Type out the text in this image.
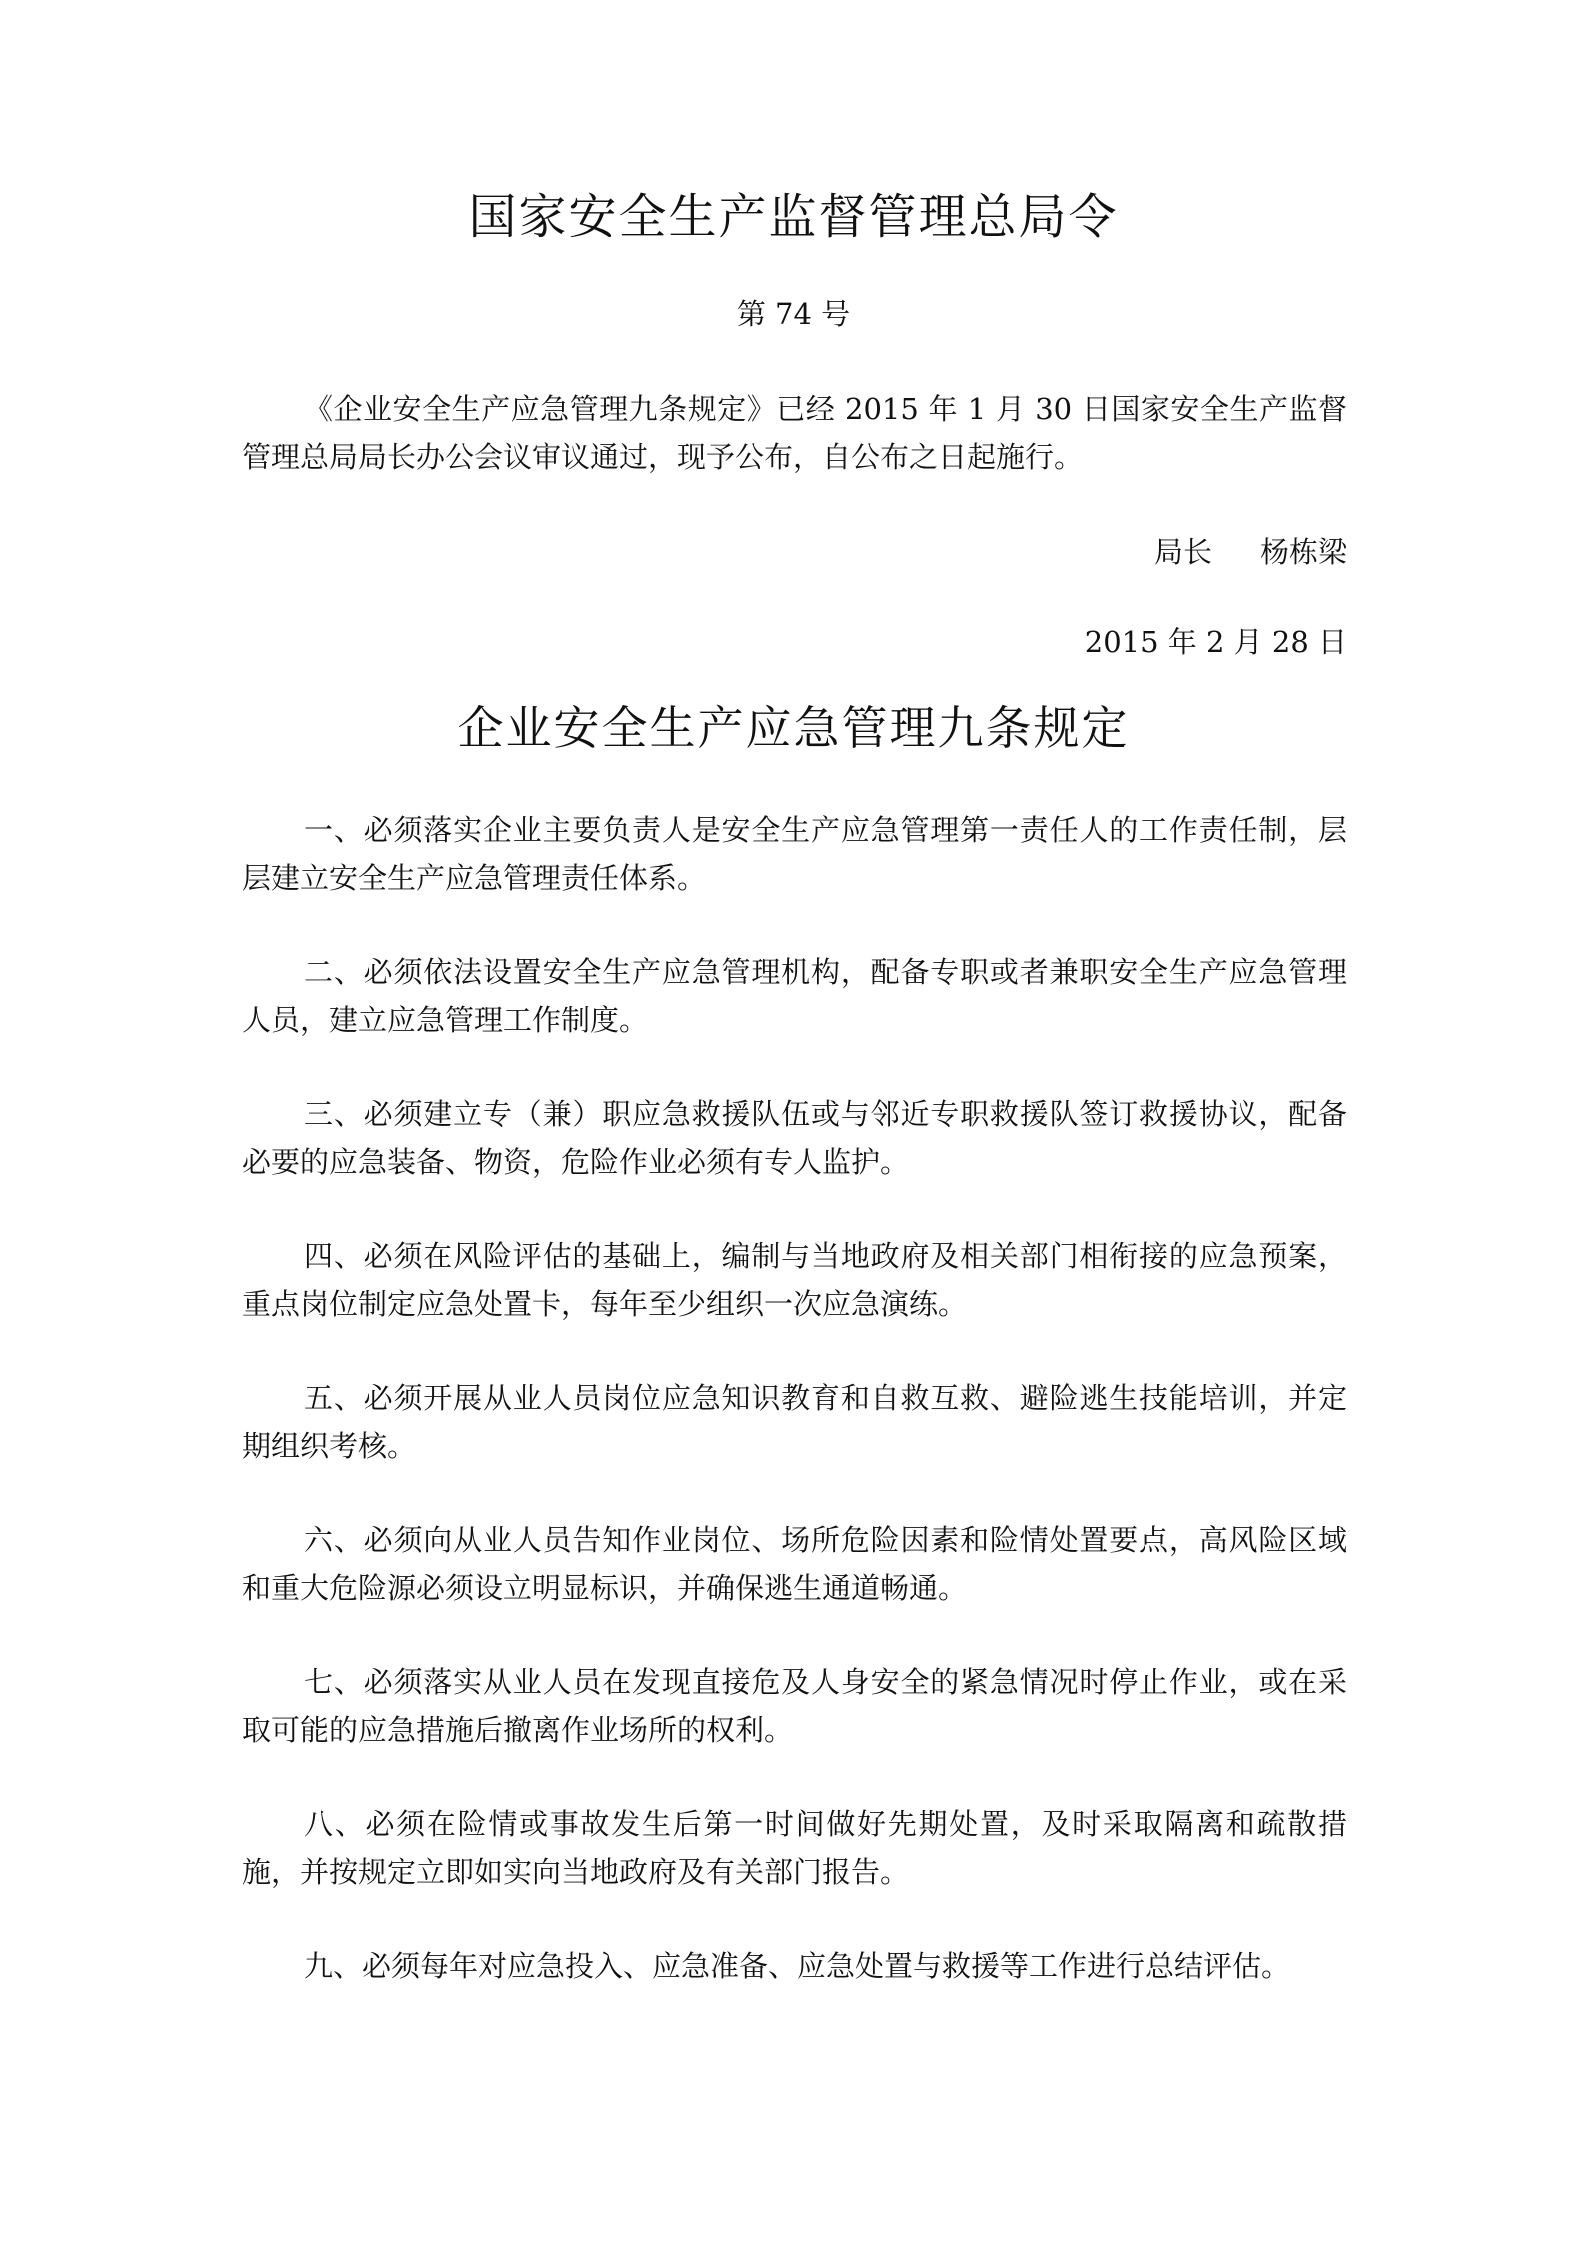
国家安全生产监督管理总局令
第 74 号

《企业安全生产应急管理九条规定》已经 2015 年 1 月 30 日国家安全生产监督管理总局局长办公会议审议通过，现予公布，自公布之日起施行。

局长 杨栋梁
2015 年 2 月 28 日
企业安全生产应急管理九条规定

一、必须落实企业主要负责人是安全生产应急管理第一责任人的工作责任制，层层建立安全生产应急管理责任体系。

二、必须依法设置安全生产应急管理机构，配备专职或者兼职安全生产应急管理人员，建立应急管理工作制度。

三、必须建立专（兼）职应急救援队伍或与邻近专职救援队签订救援协议，配备必要的应急装备、物资，危险作业必须有专人监护。

四、必须在风险评估的基础上，编制与当地政府及相关部门相衔接的应急预案，重点岗位制定应急处置卡，每年至少组织一次应急演练。

五、必须开展从业人员岗位应急知识教育和自救互救、避险逃生技能培训，并定期组织考核。

六、必须向从业人员告知作业岗位、场所危险因素和险情处置要点，高风险区域和重大危险源必须设立明显标识，并确保逃生通道畅通。

七、必须落实从业人员在发现直接危及人身安全的紧急情况时停止作业，或在采取可能的应急措施后撤离作业场所的权利。

八、必须在险情或事故发生后第一时间做好先期处置，及时采取隔离和疏散措施，并按规定立即如实向当地政府及有关部门报告。

九、必须每年对应急投入、应急准备、应急处置与救援等工作进行总结评估。
